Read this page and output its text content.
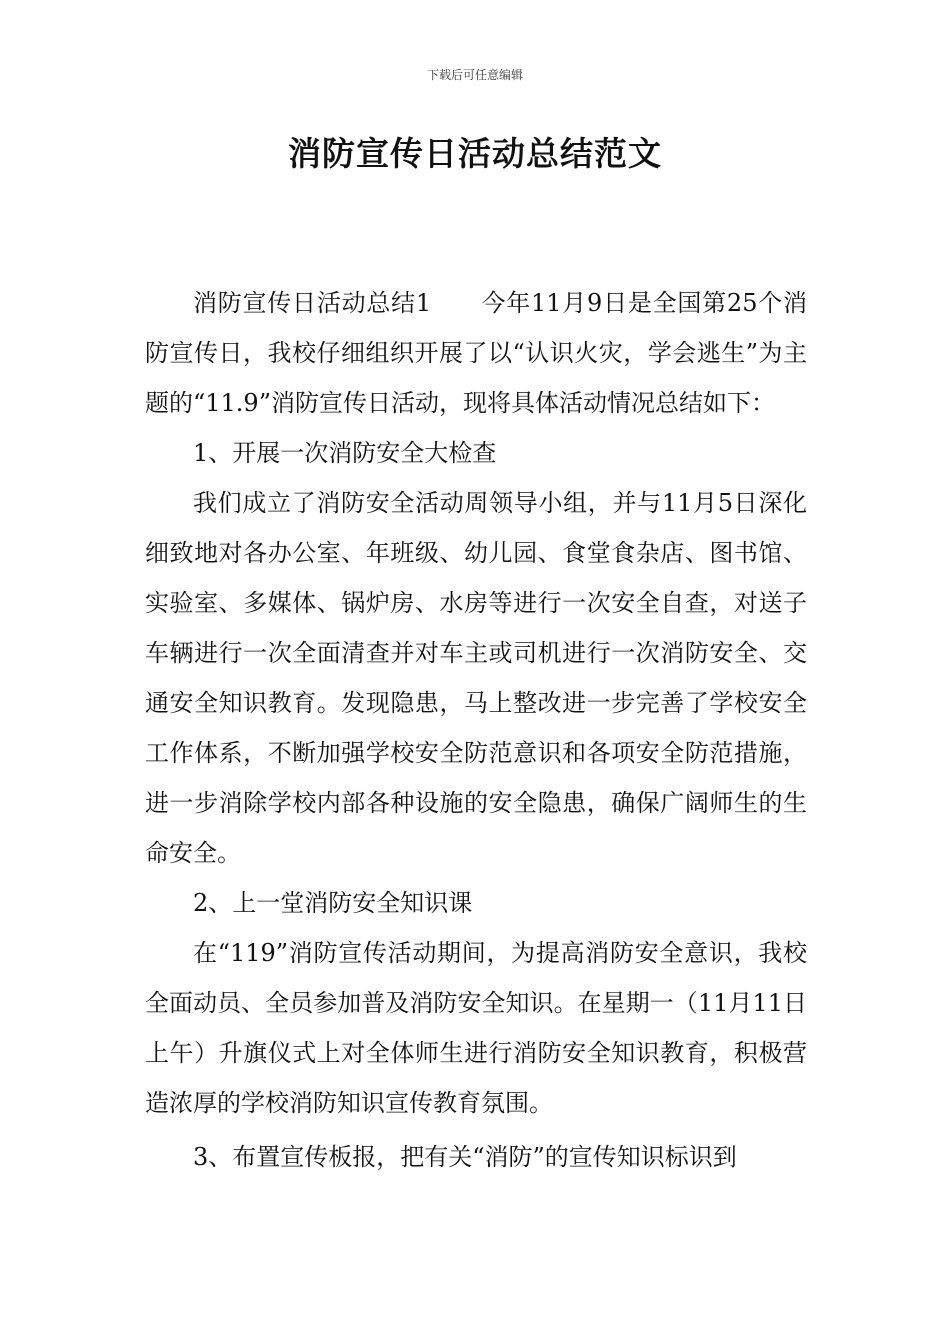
下载后可任意编辑
消防宣传日活动总结范文

消防宣传日活动总结1　　今年11月9日是全国第25个消防宣传日，我校仔细组织开展了以“认识火灾，学会逃生”为主题的“11.9”消防宣传日活动，现将具体活动情况总结如下：

1、开展一次消防安全大检查

我们成立了消防安全活动周领导小组，并与11月5日深化细致地对各办公室、年班级、幼儿园、食堂食杂店、图书馆、实验室、多媒体、锅炉房、水房等进行一次安全自查，对送子车辆进行一次全面清查并对车主或司机进行一次消防安全、交通安全知识教育。发现隐患，马上整改进一步完善了学校安全工作体系，不断加强学校安全防范意识和各项安全防范措施，进一步消除学校内部各种设施的安全隐患，确保广阔师生的生命安全。

2、上一堂消防安全知识课

在“119”消防宣传活动期间，为提高消防安全意识，我校全面动员、全员参加普及消防安全知识。在星期一（11月11日上午）升旗仪式上对全体师生进行消防安全知识教育，积极营造浓厚的学校消防知识宣传教育氛围。

3、布置宣传板报，把有关“消防”的宣传知识标识到
